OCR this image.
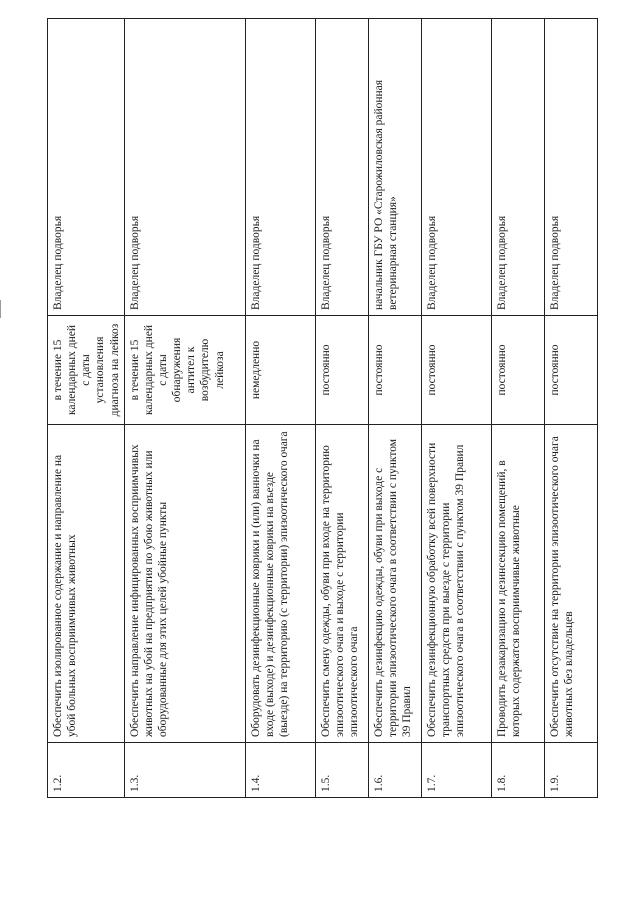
1.2.	Обеспечить изолированное содержание и направление на убой больных восприимчивых животных	в течение 15 календарных дней с даты установления диагноза на лейкоз	Владелец подворья

1.3.	Обеспечить направление инфицированных восприимчивых животных на убой на предприятия по убою животных или оборудованные для этих целей убойные пункты	в течение 15 календарных дней с даты обнаружения антител к возбудителю лейкоза	Владелец подворья

1.4.	Оборудовать дезинфекционные коврики и (или) ванночки на входе (выходе) и дезинфекционные коврики на въезде (выезде) на территорию (с территории) эпизоотического очага	немедленно	Владелец подворья

1.5.	Обеспечить смену одежды, обуви при входе на территорию эпизоотического очага и выходе с территории эпизоотического очага	постоянно	Владелец подворья

1.6.	Обеспечить дезинфекцию одежды, обуви при выходе с территории эпизоотического очага в соответствии с пунктом 39 Правил	постоянно	начальник ГБУ РО «Старожиловская районная ветеринарная станция»

1.7.	Обеспечить дезинфекционную обработку всей поверхности транспортных средств при выезде с территории эпизоотического очага в соответствии с пунктом 39 Правил	постоянно	Владелец подворья

1.8.	Проводить дезакаризацию и дезинсекцию помещений, в которых содержатся восприимчивые животные	постоянно	Владелец подворья

1.9.	Обеспечить отсутствие на территории эпизоотического очага животных без владельцев	постоянно	Владелец подворья
